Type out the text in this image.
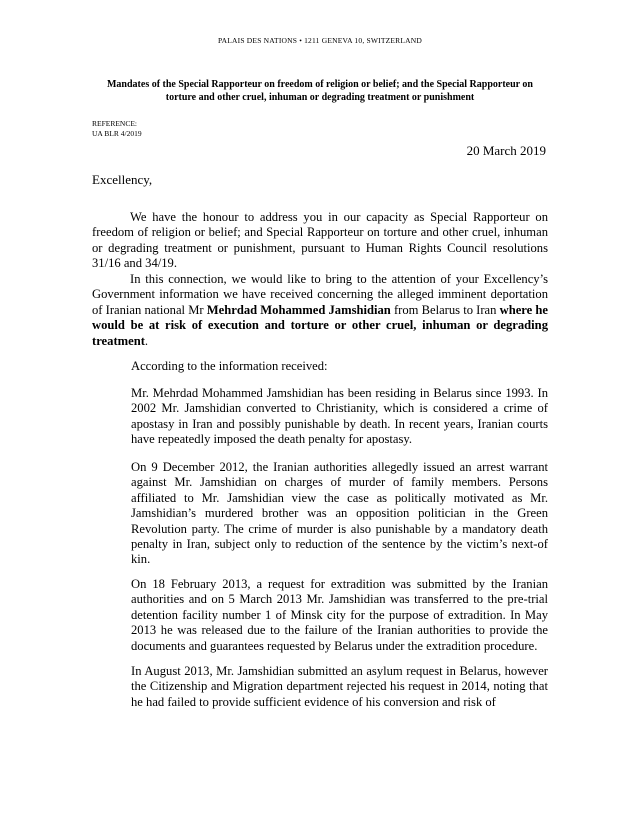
PALAIS DES NATIONS • 1211 GENEVA 10, SWITZERLAND
Mandates of the Special Rapporteur on freedom of religion or belief; and the Special Rapporteur on torture and other cruel, inhuman or degrading treatment or punishment
REFERENCE:
UA BLR 4/2019
20 March 2019
Excellency,

We have the honour to address you in our capacity as Special Rapporteur on freedom of religion or belief; and Special Rapporteur on torture and other cruel, inhuman or degrading treatment or punishment, pursuant to Human Rights Council resolutions 31/16 and 34/19.

In this connection, we would like to bring to the attention of your Excellency’s Government information we have received concerning the alleged imminent deportation of Iranian national Mr Mehrdad Mohammed Jamshidian from Belarus to Iran where he would be at risk of execution and torture or other cruel, inhuman or degrading treatment.

According to the information received:

Mr. Mehrdad Mohammed Jamshidian has been residing in Belarus since 1993. In 2002 Mr. Jamshidian converted to Christianity, which is considered a crime of apostasy in Iran and possibly punishable by death. In recent years, Iranian courts have repeatedly imposed the death penalty for apostasy.

On 9 December 2012, the Iranian authorities allegedly issued an arrest warrant against Mr. Jamshidian on charges of murder of family members. Persons affiliated to Mr. Jamshidian view the case as politically motivated as Mr. Jamshidian’s murdered brother was an opposition politician in the Green Revolution party. The crime of murder is also punishable by a mandatory death penalty in Iran, subject only to reduction of the sentence by the victim’s next-of kin.

On 18 February 2013, a request for extradition was submitted by the Iranian authorities and on 5 March 2013 Mr. Jamshidian was transferred to the pre-trial detention facility number 1 of Minsk city for the purpose of extradition. In May 2013 he was released due to the failure of the Iranian authorities to provide the documents and guarantees requested by Belarus under the extradition procedure.

In August 2013, Mr. Jamshidian submitted an asylum request in Belarus, however the Citizenship and Migration department rejected his request in 2014, noting that he had failed to provide sufficient evidence of his conversion and risk of
